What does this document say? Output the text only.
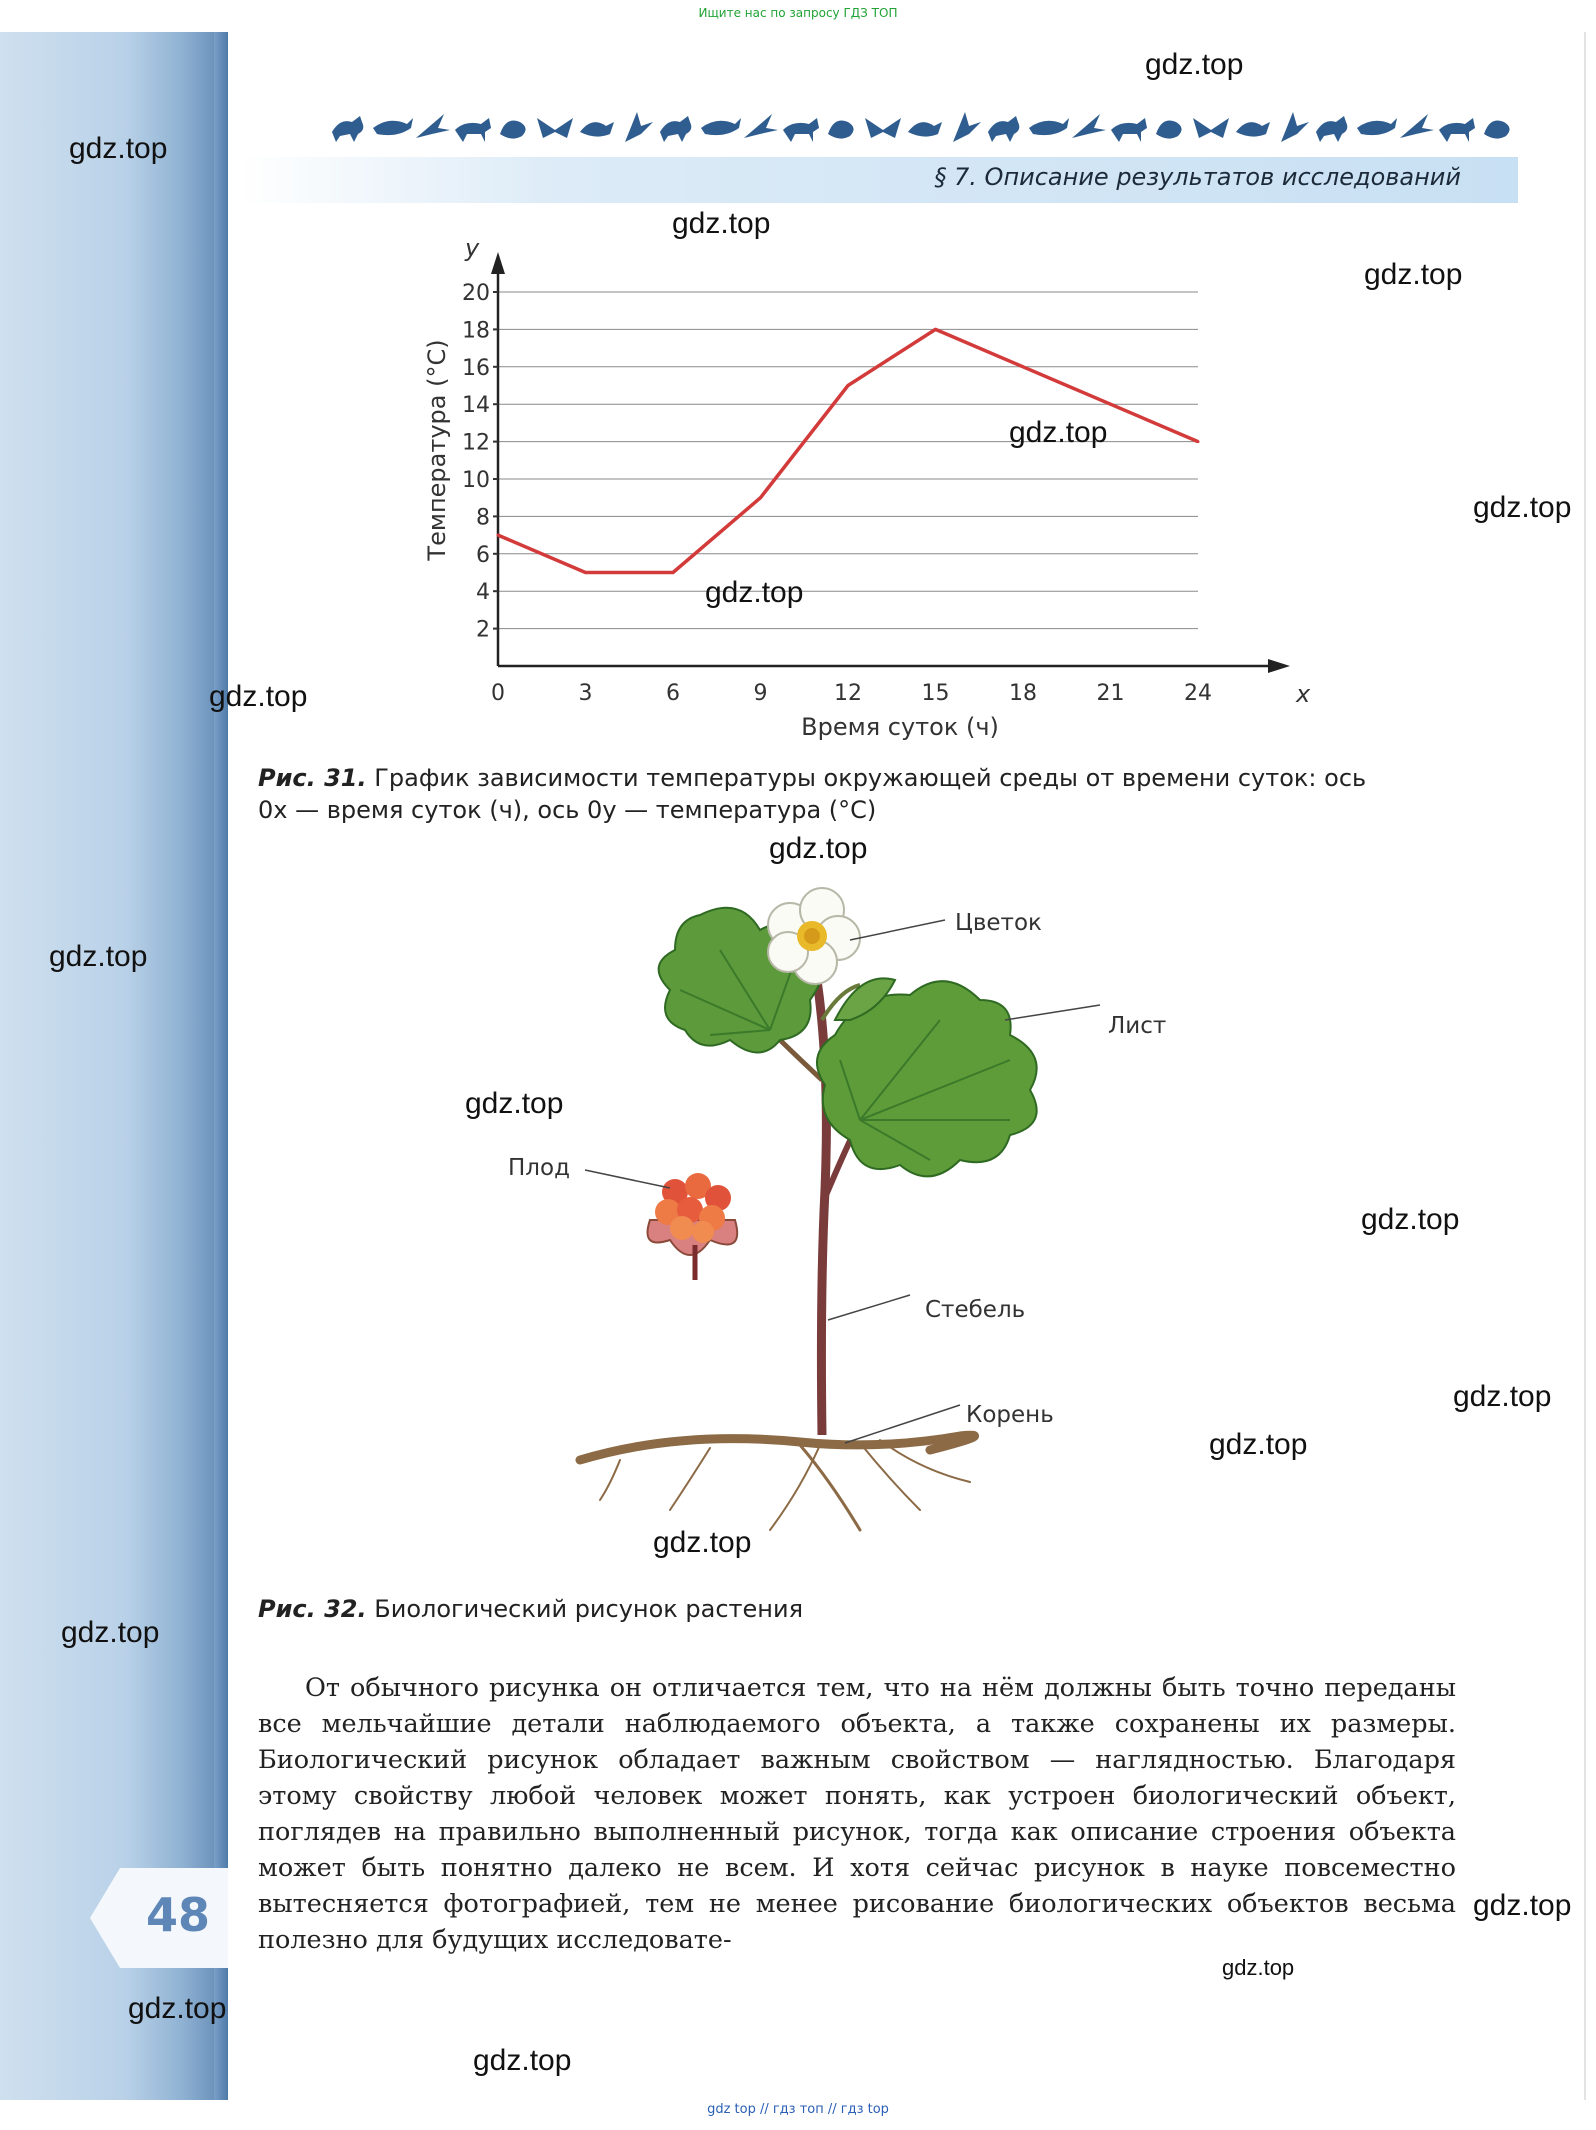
Ищите нас по запросу ГДЗ ТОП
§ 7. Описание результатов исследований
2
4
6
8
10
12
14
16
18
20
0	3	6	9	12	15	18	21	24
Время суток (ч)
Температура (°С)
x
y
Рис. 31. График зависимости температуры окружающей среды от времени суток: ось 0x — время суток (ч), ось 0y — температура (°С)
Цветок
Лист
Плод
Стебель
Корень
Рис. 32. Биологический рисунок растения

От обычного рисунка он отличается тем, что на нём должны быть точно переданы все мельчайшие детали наблюдаемого объекта, а также сохранены их размеры. Биологический рисунок обладает важным свойством — наглядностью. Благодаря этому свойству любой человек может понять, как устроен биологический объект, поглядев на правильно выполненный рисунок, тогда как описание строения объекта может быть понятно далеко не всем. И хотя сейчас рисунок в науке повсеместно вытесняется фотографией, тем не менее рисование биологических объектов весьма полезно для будущих исследовате-

48
gdz.top
gdz.top
gdz.top
gdz.top
gdz.top
gdz.top
gdz.top
gdz.top
gdz.top
gdz.top
gdz.top
gdz.top
gdz.top
gdz.top
gdz.top
gdz.top
gdz.top
gdz.top
gdz.top
gdz.top
gdz top // гдз топ // гдз top
